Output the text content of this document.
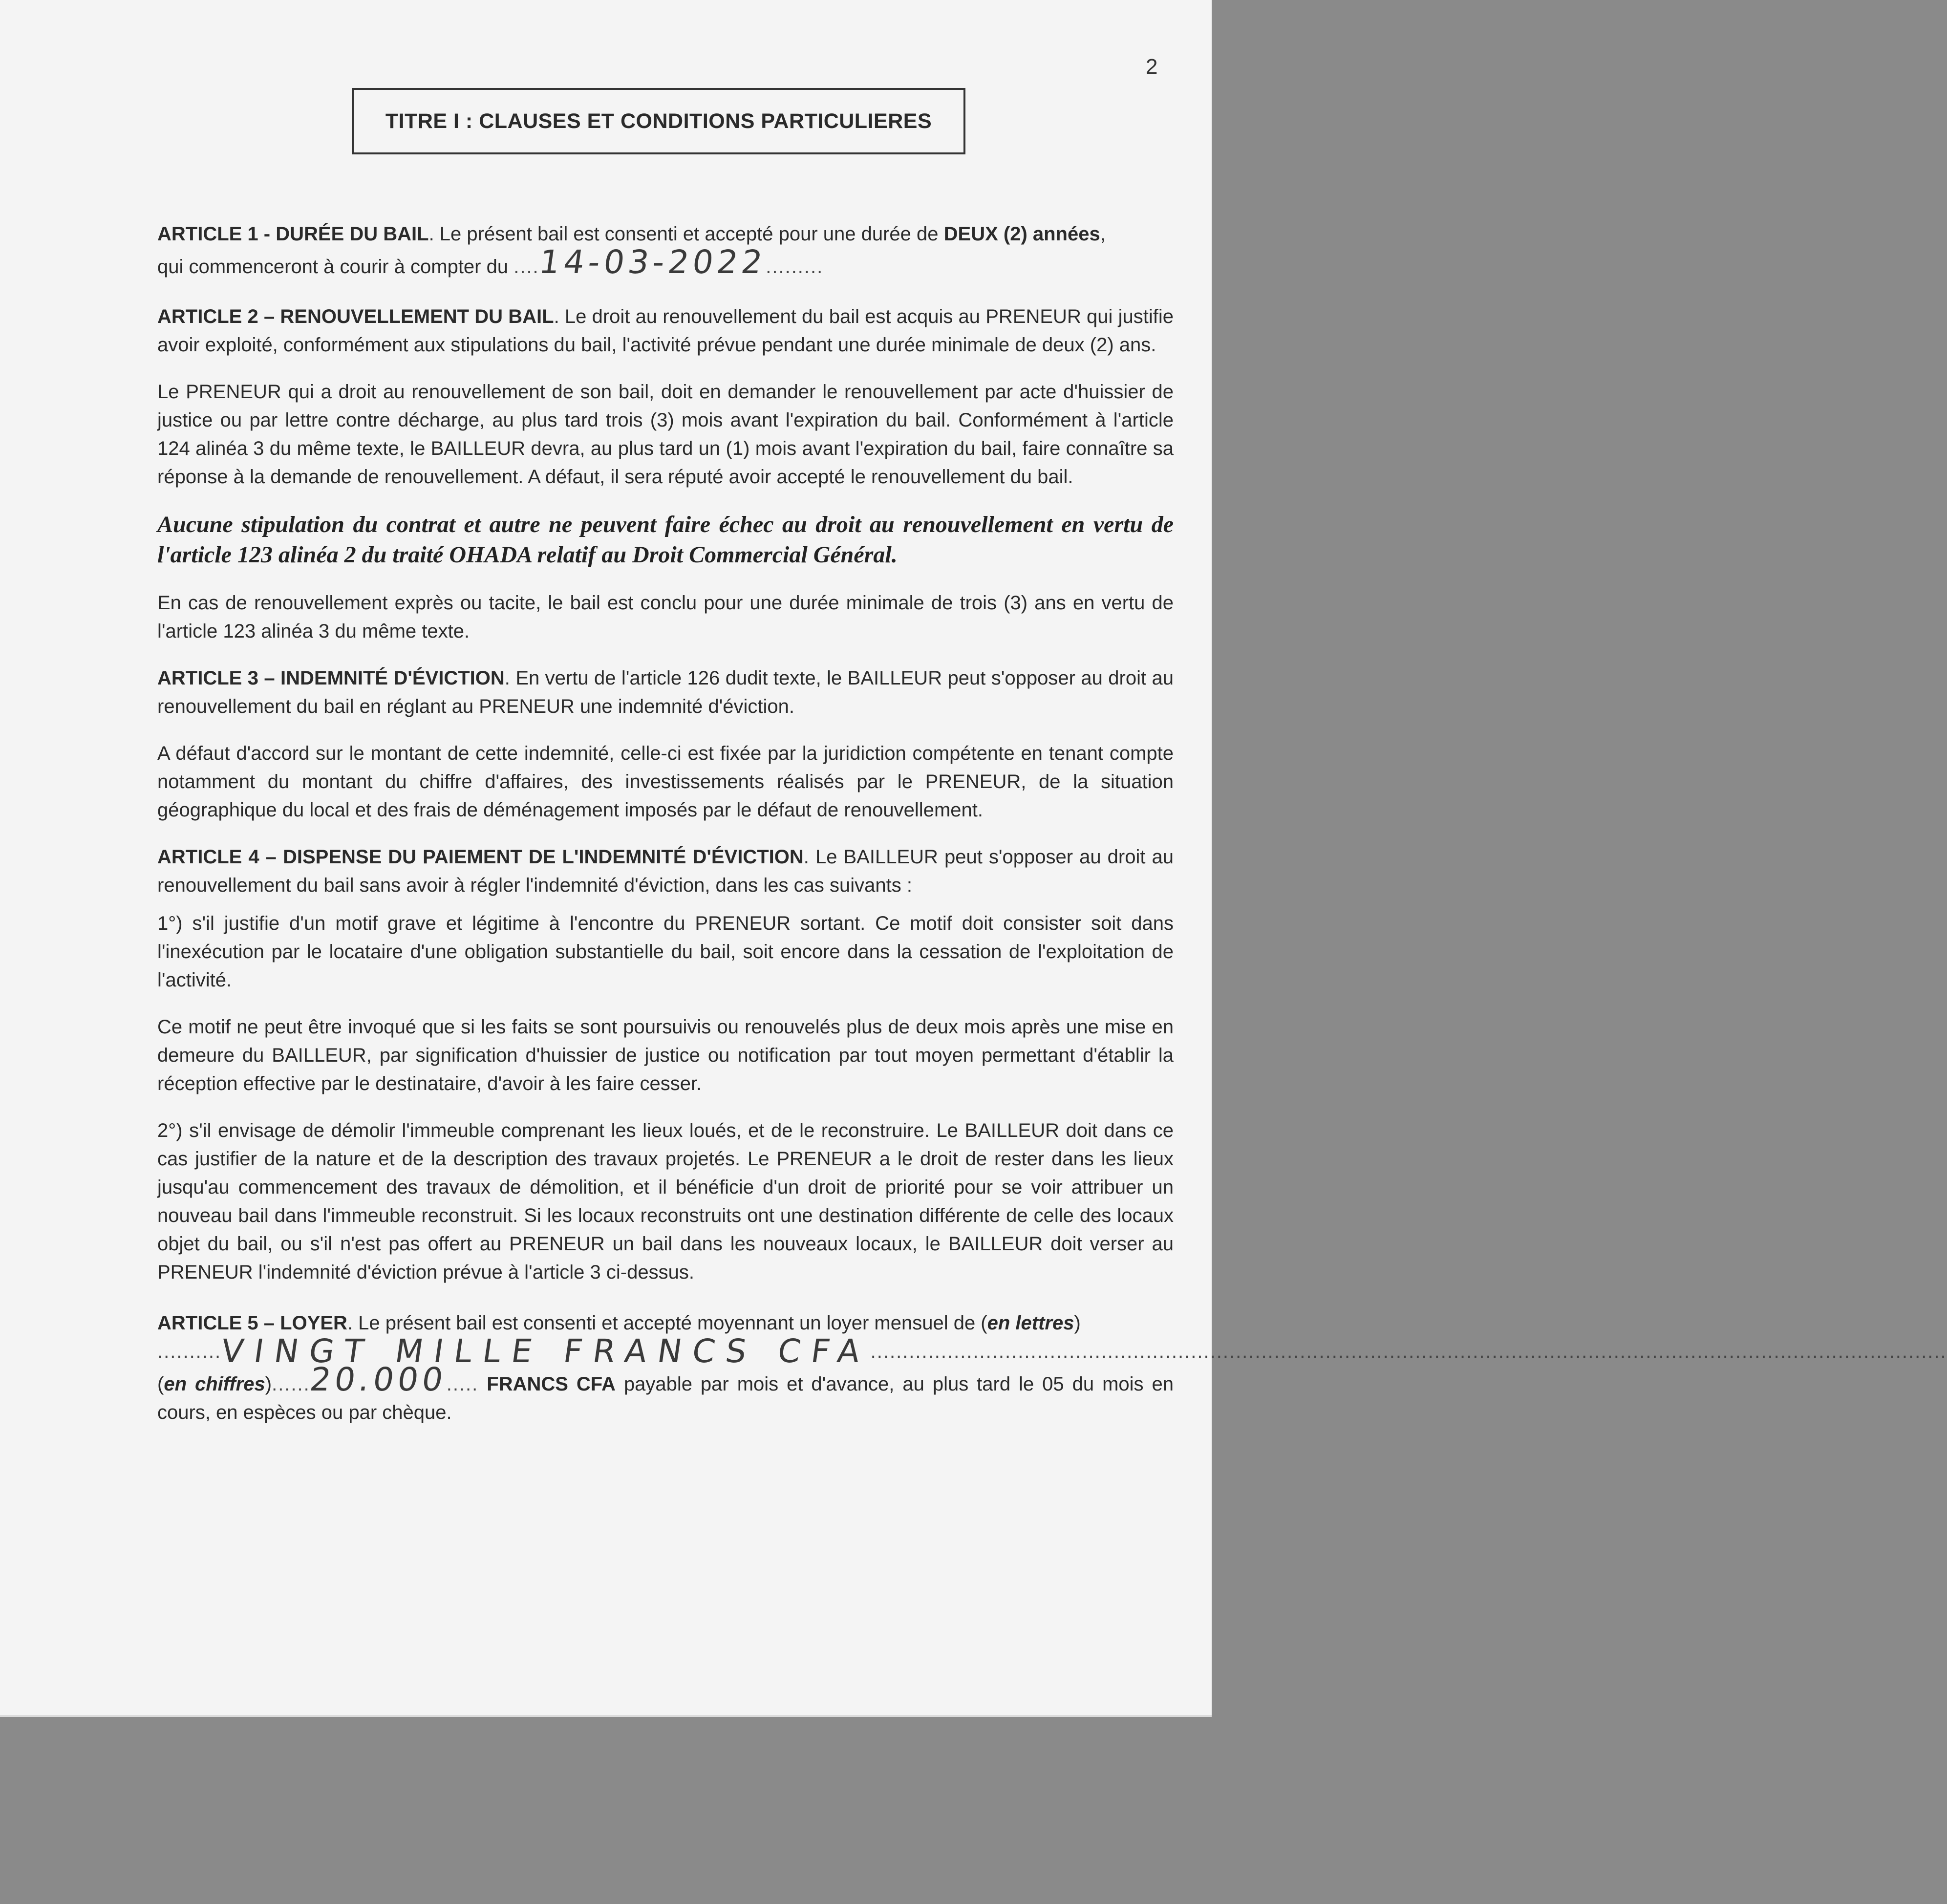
2
TITRE I : CLAUSES ET CONDITIONS PARTICULIERES

ARTICLE 1 - DURÉE DU BAIL. Le présent bail est consenti et accepté pour une durée de DEUX (2) années,
qui commenceront à courir à compter du ....14-03-2022.........

ARTICLE 2 – RENOUVELLEMENT DU BAIL. Le droit au renouvellement du bail est acquis au PRENEUR qui justifie avoir exploité, conformément aux stipulations du bail, l'activité prévue pendant une durée minimale de deux (2) ans.

Le PRENEUR qui a droit au renouvellement de son bail, doit en demander le renouvellement par acte d'huissier de justice ou par lettre contre décharge, au plus tard trois (3) mois avant l'expiration du bail. Conformément à l'article 124 alinéa 3 du même texte, le BAILLEUR devra, au plus tard un (1) mois avant l'expiration du bail, faire connaître sa réponse à la demande de renouvellement. A défaut, il sera réputé avoir accepté le renouvellement du bail.

Aucune stipulation du contrat et autre ne peuvent faire échec au droit au renouvellement en vertu de l'article 123 alinéa 2 du traité OHADA relatif au Droit Commercial Général.

En cas de renouvellement exprès ou tacite, le bail est conclu pour une durée minimale de trois (3) ans en vertu de l'article 123 alinéa 3 du même texte.

ARTICLE 3 – INDEMNITÉ D'ÉVICTION. En vertu de l'article 126 dudit texte, le BAILLEUR peut s'opposer au droit au renouvellement du bail en réglant au PRENEUR une indemnité d'éviction.

A défaut d'accord sur le montant de cette indemnité, celle-ci est fixée par la juridiction compétente en tenant compte notamment du montant du chiffre d'affaires, des investissements réalisés par le PRENEUR, de la situation géographique du local et des frais de déménagement imposés par le défaut de renouvellement.

ARTICLE 4 – DISPENSE DU PAIEMENT DE L'INDEMNITÉ D'ÉVICTION. Le BAILLEUR peut s'opposer au droit au renouvellement du bail sans avoir à régler l'indemnité d'éviction, dans les cas suivants :

1°) s'il justifie d'un motif grave et légitime à l'encontre du PRENEUR sortant. Ce motif doit consister soit dans l'inexécution par le locataire d'une obligation substantielle du bail, soit encore dans la cessation de l'exploitation de l'activité.

Ce motif ne peut être invoqué que si les faits se sont poursuivis ou renouvelés plus de deux mois après une mise en demeure du BAILLEUR, par signification d'huissier de justice ou notification par tout moyen permettant d'établir la réception effective par le destinataire, d'avoir à les faire cesser.

2°) s'il envisage de démolir l'immeuble comprenant les lieux loués, et de le reconstruire. Le BAILLEUR doit dans ce cas justifier de la nature et de la description des travaux projetés. Le PRENEUR a le droit de rester dans les lieux jusqu'au commencement des travaux de démolition, et il bénéficie d'un droit de priorité pour se voir attribuer un nouveau bail dans l'immeuble reconstruit. Si les locaux reconstruits ont une destination différente de celle des locaux objet du bail, ou s'il n'est pas offert au PRENEUR un bail dans les nouveaux locaux, le BAILLEUR doit verser au PRENEUR l'indemnité d'éviction prévue à l'article 3 ci-dessus.

ARTICLE 5 – LOYER. Le présent bail est consenti et accepté moyennant un loyer mensuel de (en lettres)
..........
VINGT MILLE FRANCS CFA
........................................................................................................................................................................
(en chiffres)......20.000..... FRANCS CFA payable par mois et d'avance, au plus tard le 05 du mois en cours, en espèces ou par chèque.
